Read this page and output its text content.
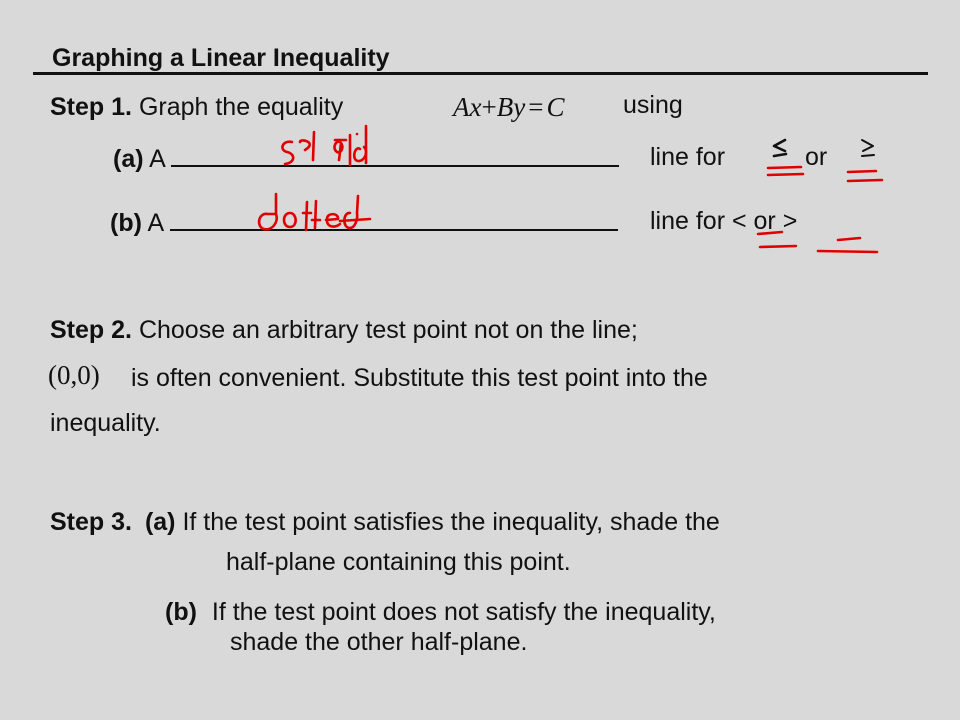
Graphing a Linear Inequality
Step 1. Graph the equality	Ax+By = C using
(a) A	line for	or
(b) A	line for < or >
Step 2. Choose an arbitrary test point not on the line;
(0,0) is often convenient. Substitute this test point into the
inequality.
Step 3. (a) If the test point satisfies the inequality, shade the
half-plane containing this point.
(b) If the test point does not satisfy the inequality,
shade the other half-plane.
